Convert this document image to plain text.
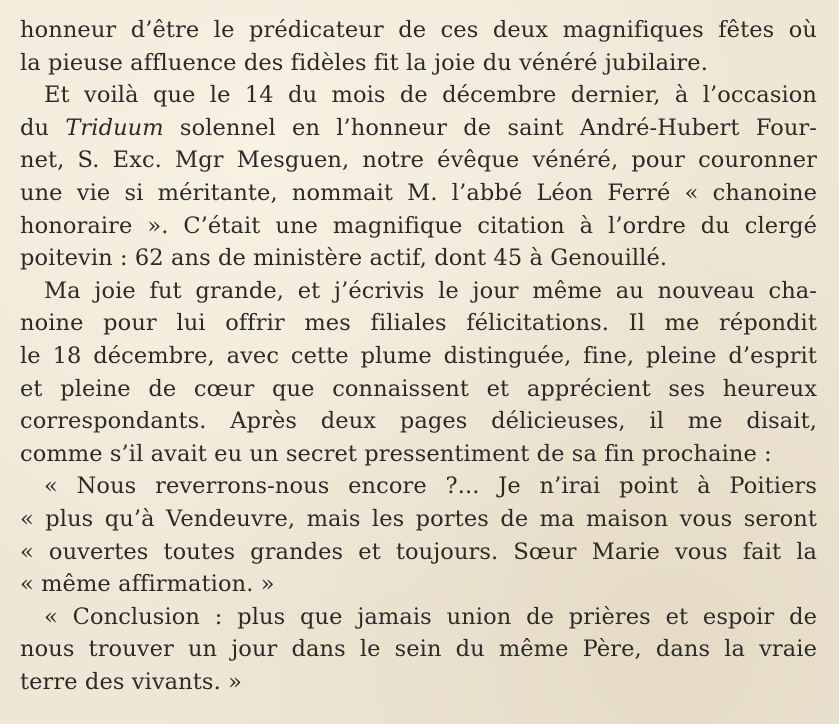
honneur d’être le prédicateur de ces deux magnifiques fêtes où
la pieuse affluence des fidèles fit la joie du vénéré jubilaire.

Et voilà que le 14 du mois de décembre dernier, à l’occasion
du Triduum solennel en l’honneur de saint André-Hubert Four-
net, S. Exc. Mgr Mesguen, notre évêque vénéré, pour couronner
une vie si méritante, nommait M. l’abbé Léon Ferré « chanoine
honoraire ». C’était une magnifique citation à l’ordre du clergé
poitevin : 62 ans de ministère actif, dont 45 à Genouillé.

Ma joie fut grande, et j’écrivis le jour même au nouveau cha-
noine pour lui offrir mes filiales félicitations. Il me répondit
le 18 décembre, avec cette plume distinguée, fine, pleine d’esprit
et pleine de cœur que connaissent et apprécient ses heureux
correspondants. Après deux pages délicieuses, il me disait,
comme s’il avait eu un secret pressentiment de sa fin prochaine :

« Nous reverrons-nous encore ?... Je n’irai point à Poitiers
« plus qu’à Vendeuvre, mais les portes de ma maison vous seront
« ouvertes toutes grandes et toujours. Sœur Marie vous fait la
« même affirmation. »

« Conclusion : plus que jamais union de prières et espoir de
nous trouver un jour dans le sein du même Père, dans la vraie
terre des vivants. »
